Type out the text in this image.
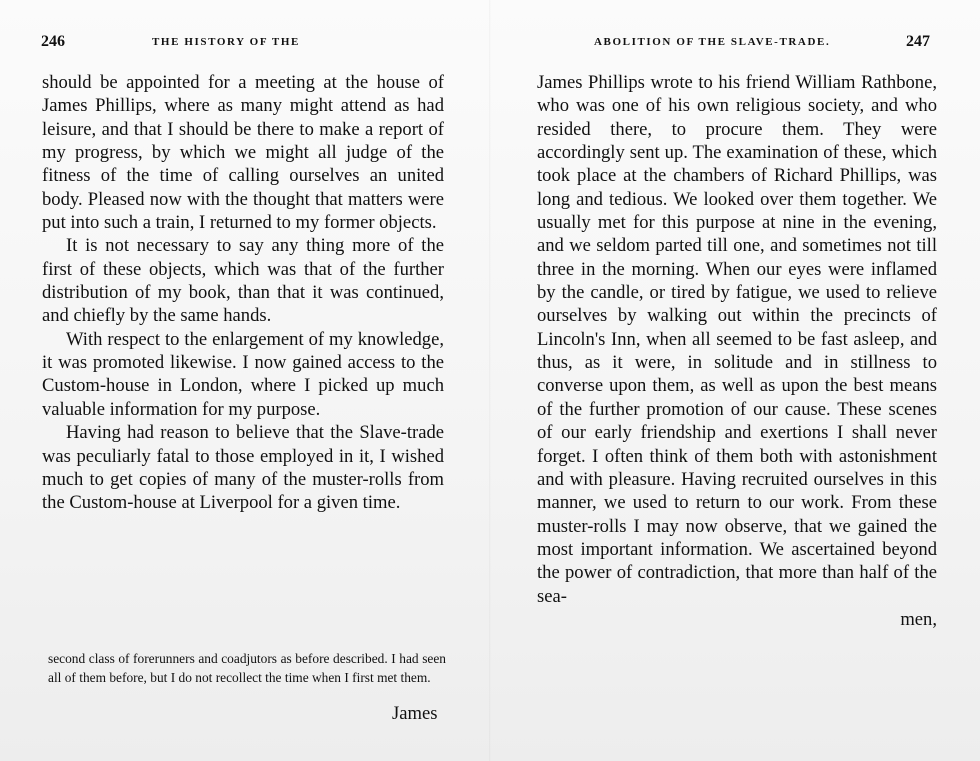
246	THE HISTORY OF THE

should be appointed for a meeting at the house of James Phillips, where as many might attend as had leisure, and that I should be there to make a report of my progress, by which we might all judge of the fitness of the time of calling ourselves an united body. Pleased now with the thought that matters were put into such a train, I returned to my former objects.

It is not necessary to say any thing more of the first of these objects, which was that of the further distribution of my book, than that it was continued, and chiefly by the same hands.

With respect to the enlargement of my knowledge, it was promoted likewise. I now gained access to the Custom-house in London, where I picked up much valuable information for my purpose.

Having had reason to believe that the Slave-trade was peculiarly fatal to those employed in it, I wished much to get copies of many of the muster-rolls from the Custom-house at Liverpool for a given time.

second class of forerunners and coadjutors as before described. I had seen all of them before, but I do not recollect the time when I first met them.
James
ABOLITION OF THE SLAVE-TRADE.	247

James Phillips wrote to his friend William Rathbone, who was one of his own religious society, and who resided there, to procure them. They were accordingly sent up. The examination of these, which took place at the chambers of Richard Phillips, was long and tedious. We looked over them together. We usually met for this purpose at nine in the evening, and we seldom parted till one, and sometimes not till three in the morning. When our eyes were inflamed by the candle, or tired by fatigue, we used to relieve ourselves by walking out within the precincts of Lincoln's Inn, when all seemed to be fast asleep, and thus, as it were, in solitude and in stillness to converse upon them, as well as upon the best means of the further promotion of our cause. These scenes of our early friendship and exertions I shall never forget. I often think of them both with astonishment and with pleasure. Having recruited ourselves in this manner, we used to return to our work. From these muster-rolls I may now observe, that we gained the most important information. We ascertained beyond the power of contradiction, that more than half of the sea-

men,
